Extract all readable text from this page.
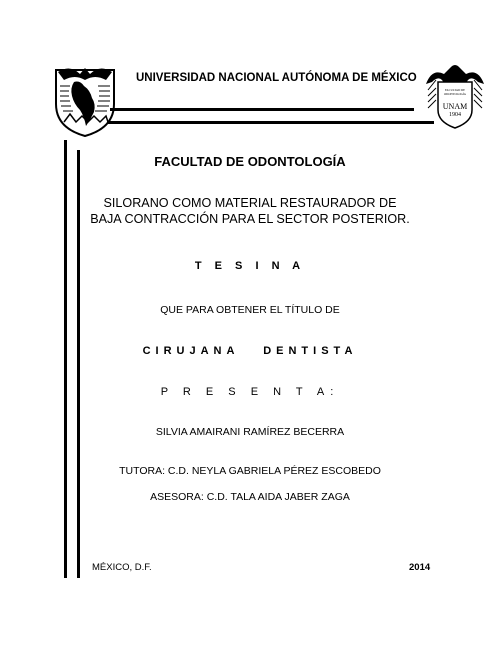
UNIVERSIDAD NACIONAL AUTÓNOMA DE MÉXICO
FACULTAD DE ODONTOLOGÍA
UNAM
1904
FACULTAD DE ODONTOLOGÍA
SILORANO COMO MATERIAL RESTAURADOR DE
BAJA CONTRACCIÓN PARA EL SECTOR POSTERIOR.
T E S I N A
QUE PARA OBTENER EL TÍTULO DE
CIRUJANA   DENTISTA
P R E S E N T A:
SILVIA AMAIRANI RAMÍREZ BECERRA
TUTORA: C.D. NEYLA GABRIELA PÉREZ ESCOBEDO
ASESORA: C.D. TALA AIDA JABER ZAGA
MÉXICO, D.F.	2014
